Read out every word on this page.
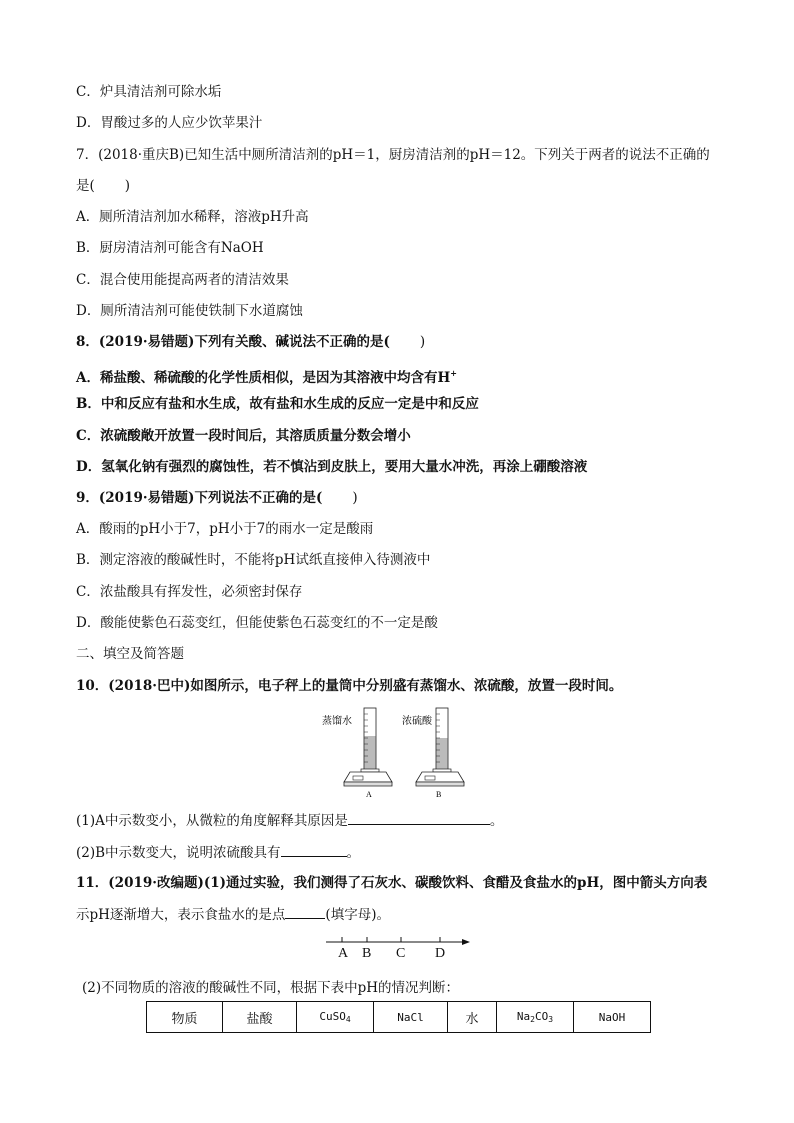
C．炉具清洁剂可除水垢
D．胃酸过多的人应少饮苹果汁
7．(2018·重庆B)已知生活中厕所清洁剂的pH＝1，厨房清洁剂的pH＝12。下列关于两者的说法不正确的
是( )
A．厕所清洁剂加水稀释，溶液pH升高
B．厨房清洁剂可能含有NaOH
C．混合使用能提高两者的清洁效果
D．厕所清洁剂可能使铁制下水道腐蚀
8．(2019·易错题)下列有关酸、碱说法不正确的是( )
A．稀盐酸、稀硫酸的化学性质相似，是因为其溶液中均含有H+
B．中和反应有盐和水生成，故有盐和水生成的反应一定是中和反应
C．浓硫酸敞开放置一段时间后，其溶质质量分数会增小
D．氢氧化钠有强烈的腐蚀性，若不慎沾到皮肤上，要用大量水冲洗，再涂上硼酸溶液
9．(2019·易错题)下列说法不正确的是( )
A．酸雨的pH小于7，pH小于7的雨水一定是酸雨
B．测定溶液的酸碱性时，不能将pH试纸直接伸入待测液中
C．浓盐酸具有挥发性，必须密封保存
D．酸能使紫色石蕊变红，但能使紫色石蕊变红的不一定是酸
二、填空及简答题
10．(2018·巴中)如图所示，电子秤上的量筒中分别盛有蒸馏水、浓硫酸，放置一段时间。
蒸馏水	浓硫酸
A	B
(1)A中示数变小，从微粒的角度解释其原因是	。
(2)B中示数变大，说明浓硫酸具有	。
11．(2019·改编题)(1)通过实验，我们测得了石灰水、碳酸饮料、食醋及食盐水的pH，图中箭头方向表
示pH逐渐增大，表示食盐水的是点	(填字母)。
A B C D
(2)不同物质的溶液的酸碱性不同，根据下表中pH的情况判断：
物质	盐酸	CuSO$_4$	NaCl	水	$Na_2CO_3$	NaOH
